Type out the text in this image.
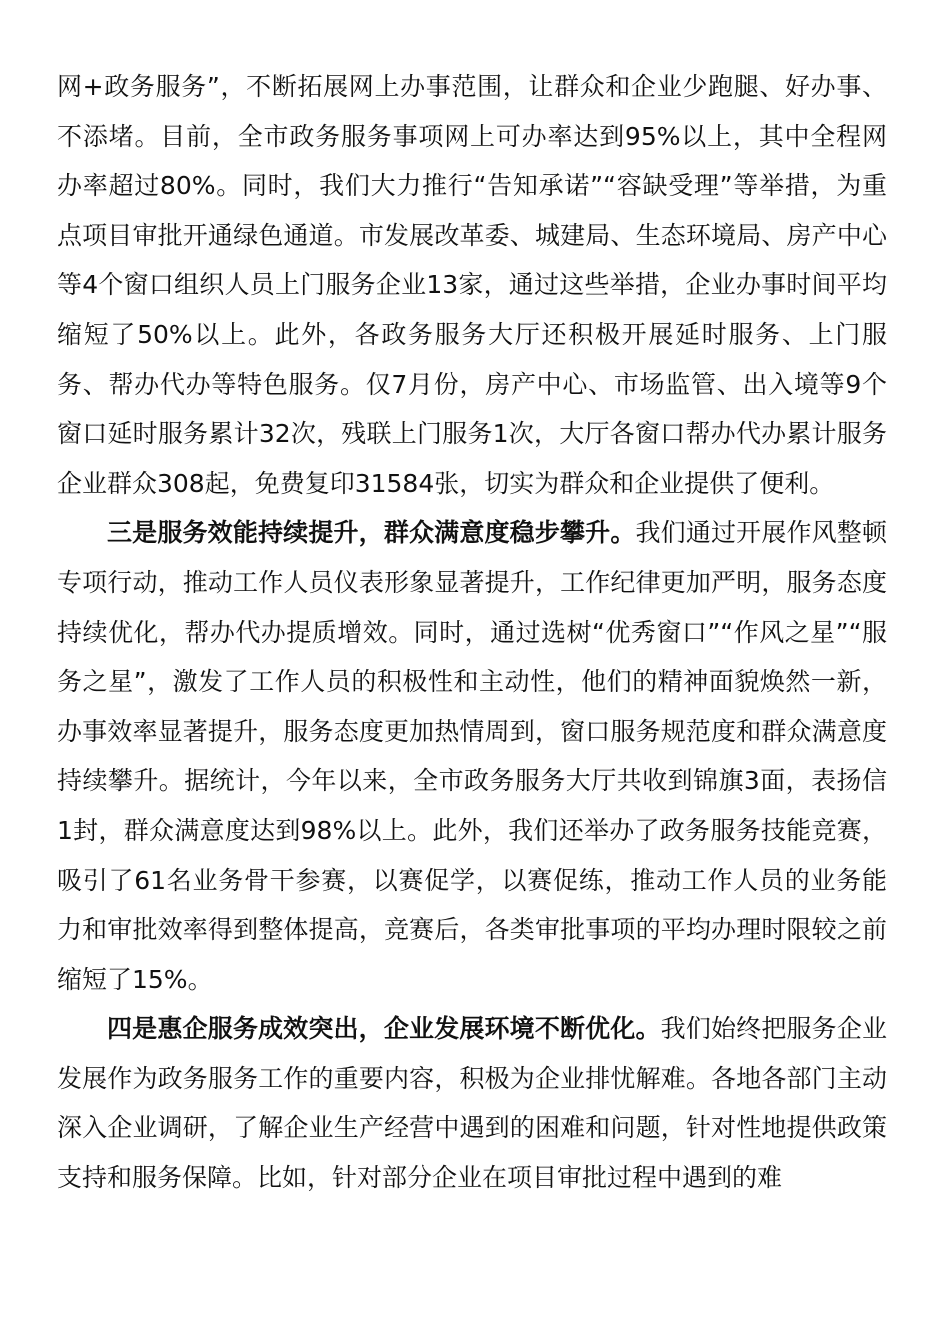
网+政务服务”，不断拓展网上办事范围，让群众和企业少跑腿、好办事、不添堵。目前，全市政务服务事项网上可办率达到95%以上，其中全程网办率超过80%。同时，我们大力推行“告知承诺”“容缺受理”等举措，为重点项目审批开通绿色通道。市发展改革委、城建局、生态环境局、房产中心等4个窗口组织人员上门服务企业13家，通过这些举措，企业办事时间平均缩短了50%以上。此外，各政务服务大厅还积极开展延时服务、上门服务、帮办代办等特色服务。仅7月份，房产中心、市场监管、出入境等9个窗口延时服务累计32次，残联上门服务1次，大厅各窗口帮办代办累计服务企业群众308起，免费复印31584张，切实为群众和企业提供了便利。

三是服务效能持续提升，群众满意度稳步攀升。我们通过开展作风整顿专项行动，推动工作人员仪表形象显著提升，工作纪律更加严明，服务态度持续优化，帮办代办提质增效。同时，通过选树“优秀窗口”“作风之星”“服务之星”，激发了工作人员的积极性和主动性，他们的精神面貌焕然一新，办事效率显著提升，服务态度更加热情周到，窗口服务规范度和群众满意度持续攀升。据统计，今年以来，全市政务服务大厅共收到锦旗3面，表扬信1封，群众满意度达到98%以上。此外，我们还举办了政务服务技能竞赛，吸引了61名业务骨干参赛，以赛促学，以赛促练，推动工作人员的业务能力和审批效率得到整体提高，竞赛后，各类审批事项的平均办理时限较之前缩短了15%。

四是惠企服务成效突出，企业发展环境不断优化。我们始终把服务企业发展作为政务服务工作的重要内容，积极为企业排忧解难。各地各部门主动深入企业调研，了解企业生产经营中遇到的困难和问题，针对性地提供政策支持和服务保障。比如，针对部分企业在项目审批过程中遇到的难
